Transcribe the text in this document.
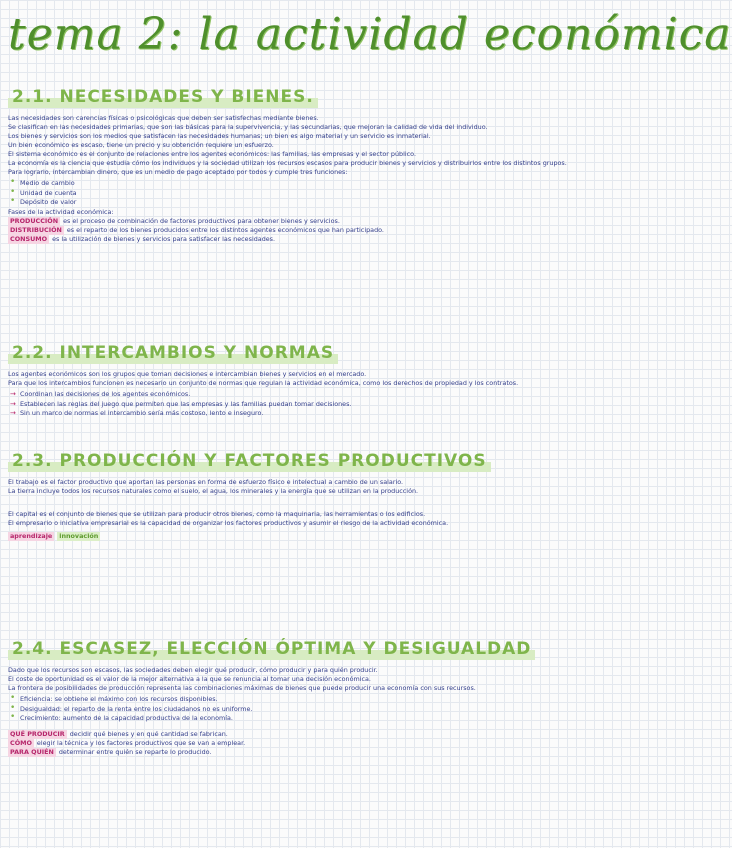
tema 2: la actividad económica
2.1. NECESIDADES Y BIENES.

Las necesidades son carencias físicas o psicológicas que deben ser satisfechas mediante bienes.

Se clasifican en las necesidades primarias, que son las básicas para la supervivencia, y las secundarias, que mejoran la calidad de vida del individuo.

Los bienes y servicios son los medios que satisfacen las necesidades humanas; un bien es algo material y un servicio es inmaterial.

Un bien económico es escaso, tiene un precio y su obtención requiere un esfuerzo.

El sistema económico es el conjunto de relaciones entre los agentes económicos: las familias, las empresas y el sector público.

La economía es la ciencia que estudia cómo los individuos y la sociedad utilizan los recursos escasos para producir bienes y servicios y distribuirlos entre los distintos grupos.

Para lograrlo, intercambian dinero, que es un medio de pago aceptado por todos y cumple tres funciones:

• Medio de cambio
• Unidad de cuenta
• Depósito de valor

Fases de la actividad económica:

PRODUCCIÓN es el proceso de combinación de factores productivos para obtener bienes y servicios.

DISTRIBUCIÓN es el reparto de los bienes producidos entre los distintos agentes económicos que han participado.

CONSUMO es la utilización de bienes y servicios para satisfacer las necesidades.

2.2. INTERCAMBIOS Y NORMAS

Los agentes económicos son los grupos que toman decisiones e intercambian bienes y servicios en el mercado.

Para que los intercambios funcionen es necesario un conjunto de normas que regulan la actividad económica, como los derechos de propiedad y los contratos.

→ Coordinan las decisiones de los agentes económicos.
→ Establecen las reglas del juego que permiten que las empresas y las familias puedan tomar decisiones.
→ Sin un marco de normas el intercambio sería más costoso, lento e inseguro.
2.3. PRODUCCIÓN Y FACTORES PRODUCTIVOS

El trabajo es el factor productivo que aportan las personas en forma de esfuerzo físico e intelectual a cambio de un salario.

La tierra incluye todos los recursos naturales como el suelo, el agua, los minerales y la energía que se utilizan en la producción.

El capital es el conjunto de bienes que se utilizan para producir otros bienes, como la maquinaria, las herramientas o los edificios.

El empresario o iniciativa empresarial es la capacidad de organizar los factores productivos y asumir el riesgo de la actividad económica.

aprendizaje innovación

2.4. ESCASEZ, ELECCIÓN ÓPTIMA Y DESIGUALDAD

Dado que los recursos son escasos, las sociedades deben elegir qué producir, cómo producir y para quién producir.

El coste de oportunidad es el valor de la mejor alternativa a la que se renuncia al tomar una decisión económica.

La frontera de posibilidades de producción representa las combinaciones máximas de bienes que puede producir una economía con sus recursos.

• Eficiencia: se obtiene el máximo con los recursos disponibles.
• Desigualdad: el reparto de la renta entre los ciudadanos no es uniforme.
• Crecimiento: aumento de la capacidad productiva de la economía.

QUÉ PRODUCIR decidir qué bienes y en qué cantidad se fabrican.

CÓMO elegir la técnica y los factores productivos que se van a emplear.

PARA QUIÉN determinar entre quién se reparte lo producido.
